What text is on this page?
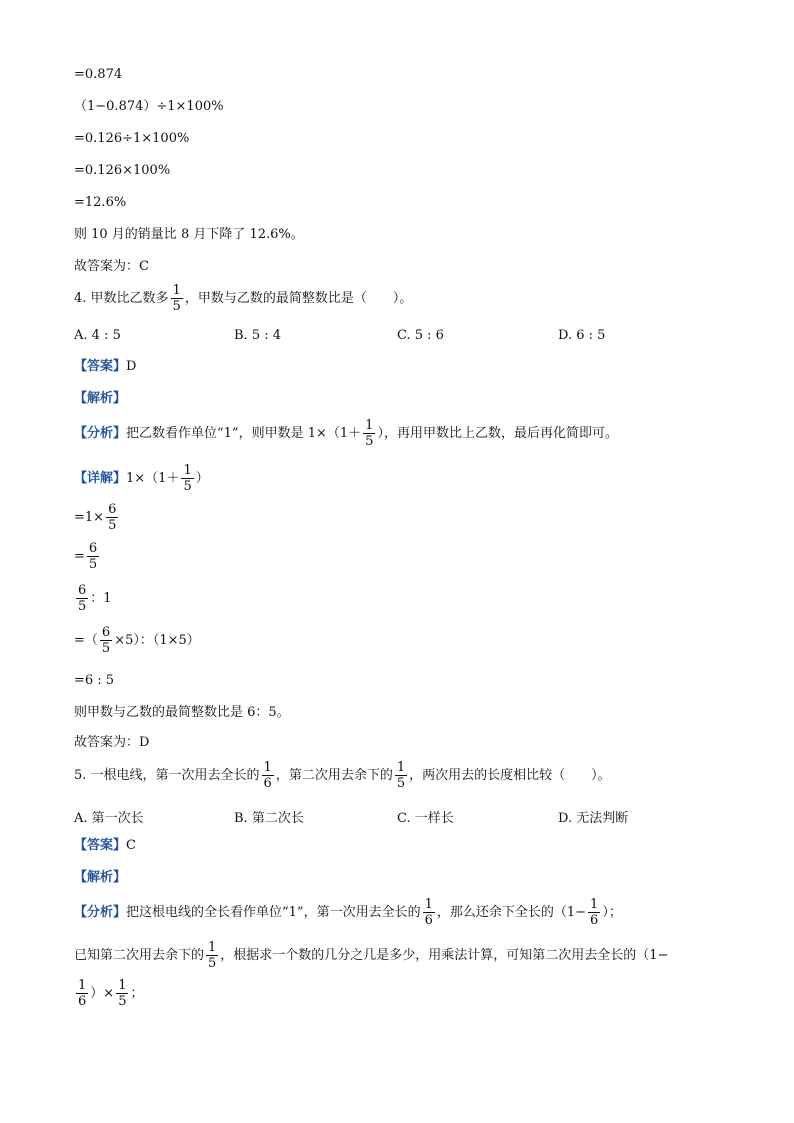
=0.874
（1−0.874）÷1×100%
=0.126÷1×100%
=0.126×100%
=12.6%
则 10 月的销量比 8 月下降了 12.6%。
故答案为：C
4. 甲数比乙数多 $\frac{1}{5}$ ，甲数与乙数的最简整数比是（　　）。
A. 4 : 5	B. 5 : 4	C. 5 : 6	D. 6 : 5
【答案】D
【解析】
【分析】把乙数看作单位“1”，则甲数是 $1\times(1+ \frac{1}{5}$ ），再用甲数比上乙数，最后再化简即可。
【详解】$1\times(1+ \frac{1}{5}$ ）
$=1\times \frac{6}{5}$
= $\frac{6}{5}$
$\frac{6}{5}$ ：1
=（ $\frac{6}{5} \times 5$）：（1×5）
=6 : 5
则甲数与乙数的最简整数比是 6：5。
故答案为：D
5. 一根电线，第一次用去全长的 $\frac{1}{6}$ ，第二次用去余下的 $\frac{1}{5}$ ，两次用去的长度相比较（　　）。
A. 第一次长	B. 第二次长	C. 一样长	D. 无法判断
【答案】C
【解析】
【分析】把这根电线的全长看作单位“1”，第一次用去全长的 $\frac{1}{6}$ ，那么还余下全长的（$1- \frac{1}{6}$ ）；
已知第二次用去余下的 $\frac{1}{5}$ ，根据求一个数的几分之几是多少，用乘法计算，可知第二次用去全长的（1−
$\frac{1}{6}$ ）× $\frac{1}{5}$ ；
